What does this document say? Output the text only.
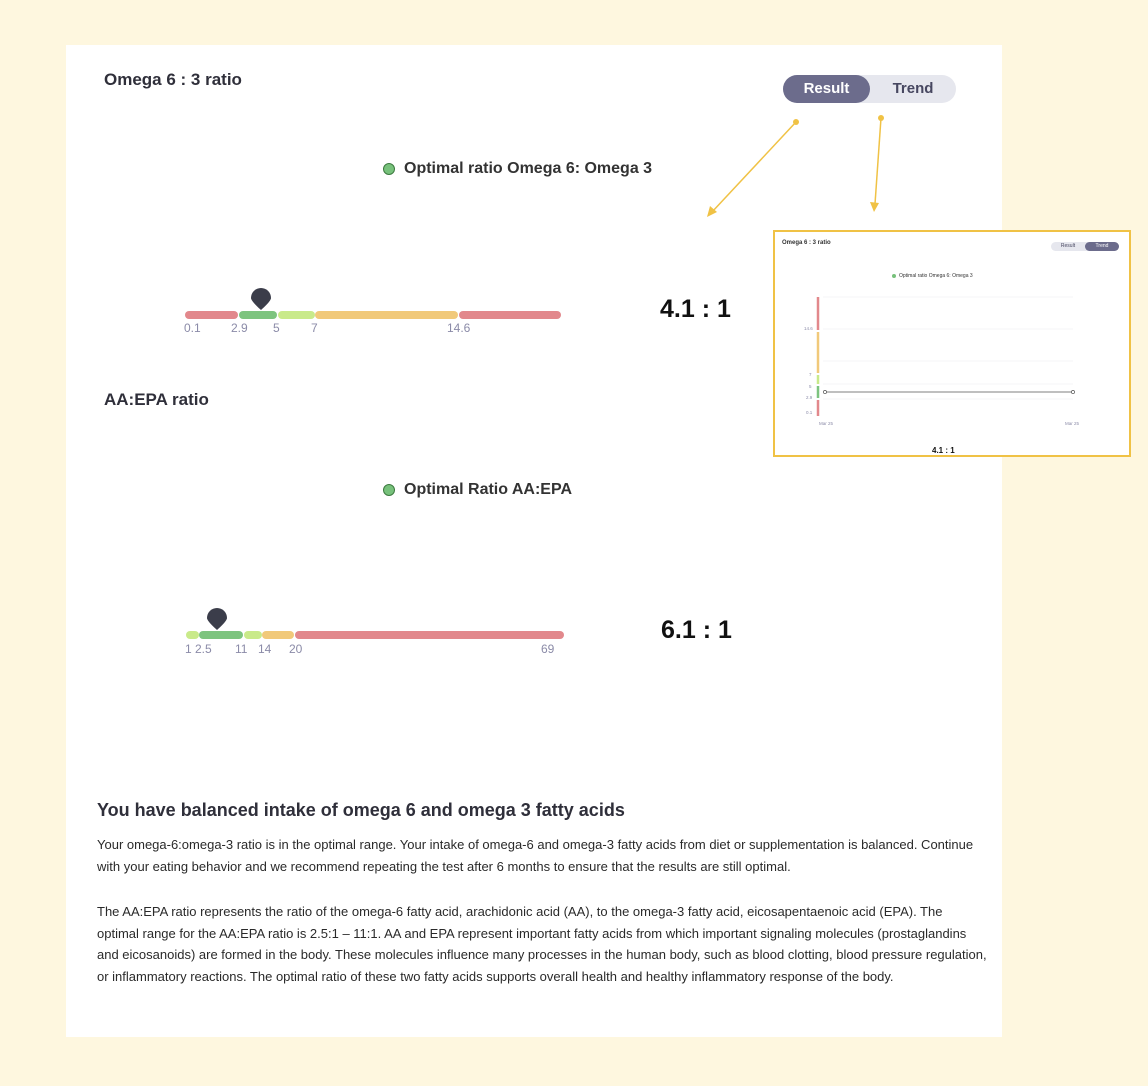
Omega 6 : 3 ratio	Result	Trend
Optimal ratio Omega 6: Omega 3
4.1 : 1
AA:EPA ratio
Optimal Ratio AA:EPA
6.1 : 1
0.1	2.9 5	7	14.6
1 2.5 11 14 20	69
Omega 6 : 3 ratio	Result	Trend
Optimal ratio Omega 6: Omega 3
14.6
7
5
2.9
0.1
Mar 25	Mar 25
4.1 : 1
You have balanced intake of omega 6 and omega 3 fatty acids

Your omega-6:omega-3 ratio is in the optimal range. Your intake of omega-6 and omega-3 fatty acids from diet or supplementation is balanced. Continue with your eating behavior and we recommend repeating the test after 6 months to ensure that the results are still optimal.

The AA:EPA ratio represents the ratio of the omega-6 fatty acid, arachidonic acid (AA), to the omega-3 fatty acid, eicosapentaenoic acid (EPA). The optimal range for the AA:EPA ratio is 2.5:1 – 11:1. AA and EPA represent important fatty acids from which important signaling molecules (prostaglandins and eicosanoids) are formed in the body. These molecules influence many processes in the human body, such as blood clotting, blood pressure regulation, or inflammatory reactions. The optimal ratio of these two fatty acids supports overall health and healthy inflammatory response of the body.
